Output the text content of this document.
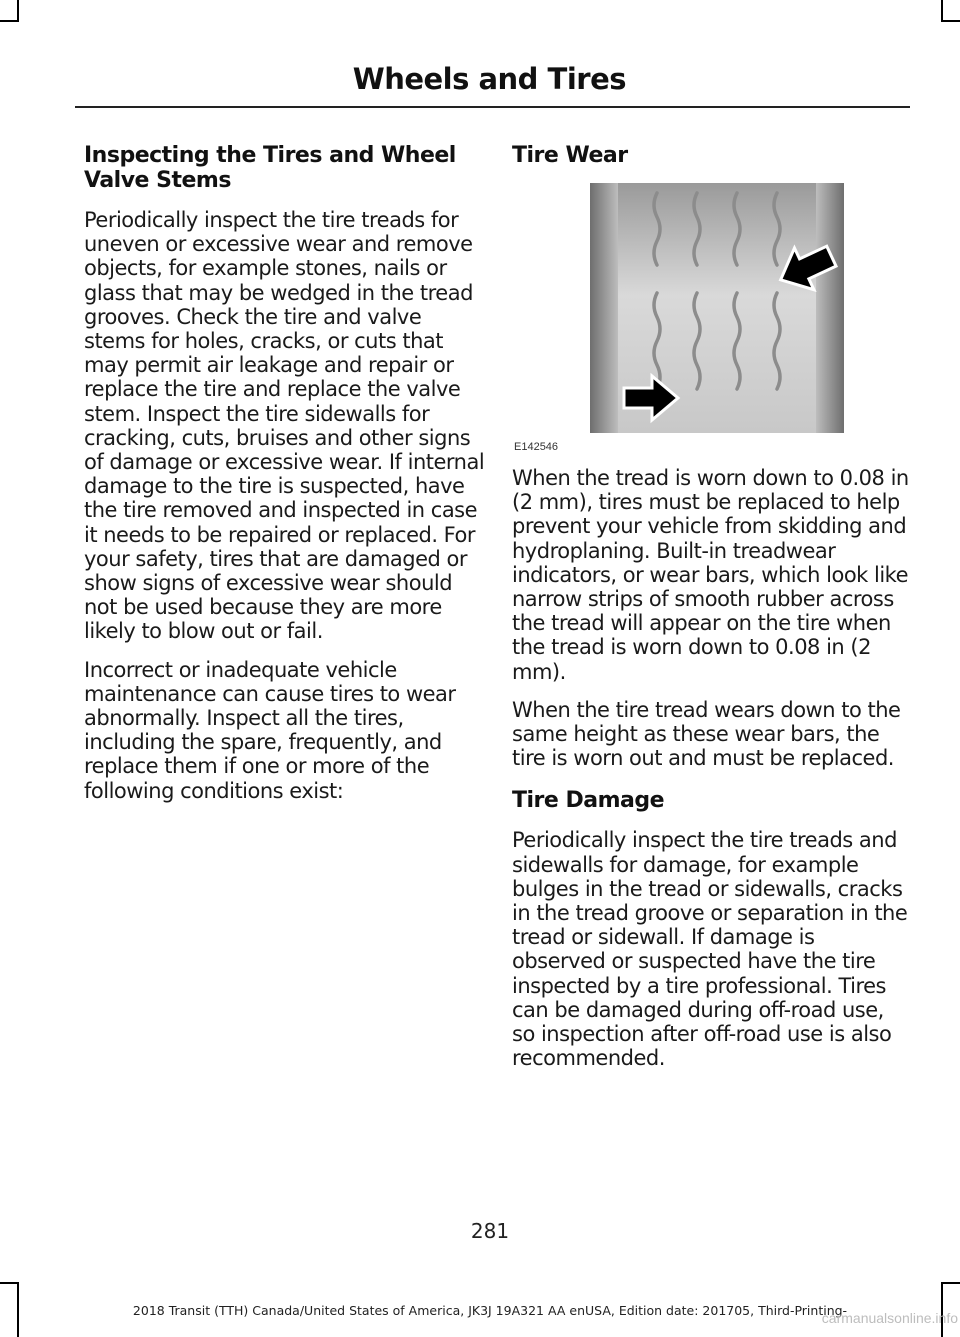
Wheels and Tires
Inspecting the Tires and Wheel Valve Stems

Periodically inspect the tire treads for uneven or excessive wear and remove objects, for example stones, nails or glass that may be wedged in the tread grooves. Check the tire and valve stems for holes, cracks, or cuts that may permit air leakage and repair or replace the tire and replace the valve stem. Inspect the tire sidewalls for cracking, cuts, bruises and other signs of damage or excessive wear. If internal damage to the tire is suspected, have the tire removed and inspected in case it needs to be repaired or replaced. For your safety, tires that are damaged or show signs of excessive wear should not be used because they are more likely to blow out or fail.

Incorrect or inadequate vehicle maintenance can cause tires to wear abnormally. Inspect all the tires, including the spare, frequently, and replace them if one or more of the following conditions exist:

Tire Wear
E142546

When the tread is worn down to 0.08 in (2 mm), tires must be replaced to help prevent your vehicle from skidding and hydroplaning. Built-in treadwear indicators, or wear bars, which look like narrow strips of smooth rubber across the tread will appear on the tire when the tread is worn down to 0.08 in (2 mm).

When the tire tread wears down to the same height as these wear bars, the tire is worn out and must be replaced.

Tire Damage

Periodically inspect the tire treads and sidewalls for damage, for example bulges in the tread or sidewalls, cracks in the tread groove or separation in the tread or sidewall. If damage is observed or suspected have the tire inspected by a tire professional. Tires can be damaged during off-road use, so inspection after off-road use is also recommended.

281
2018 Transit (TTH) Canada/United States of America, JK3J 19A321 AA enUSA, Edition date: 201705, Third-Printing-
carmanualsonline.info
